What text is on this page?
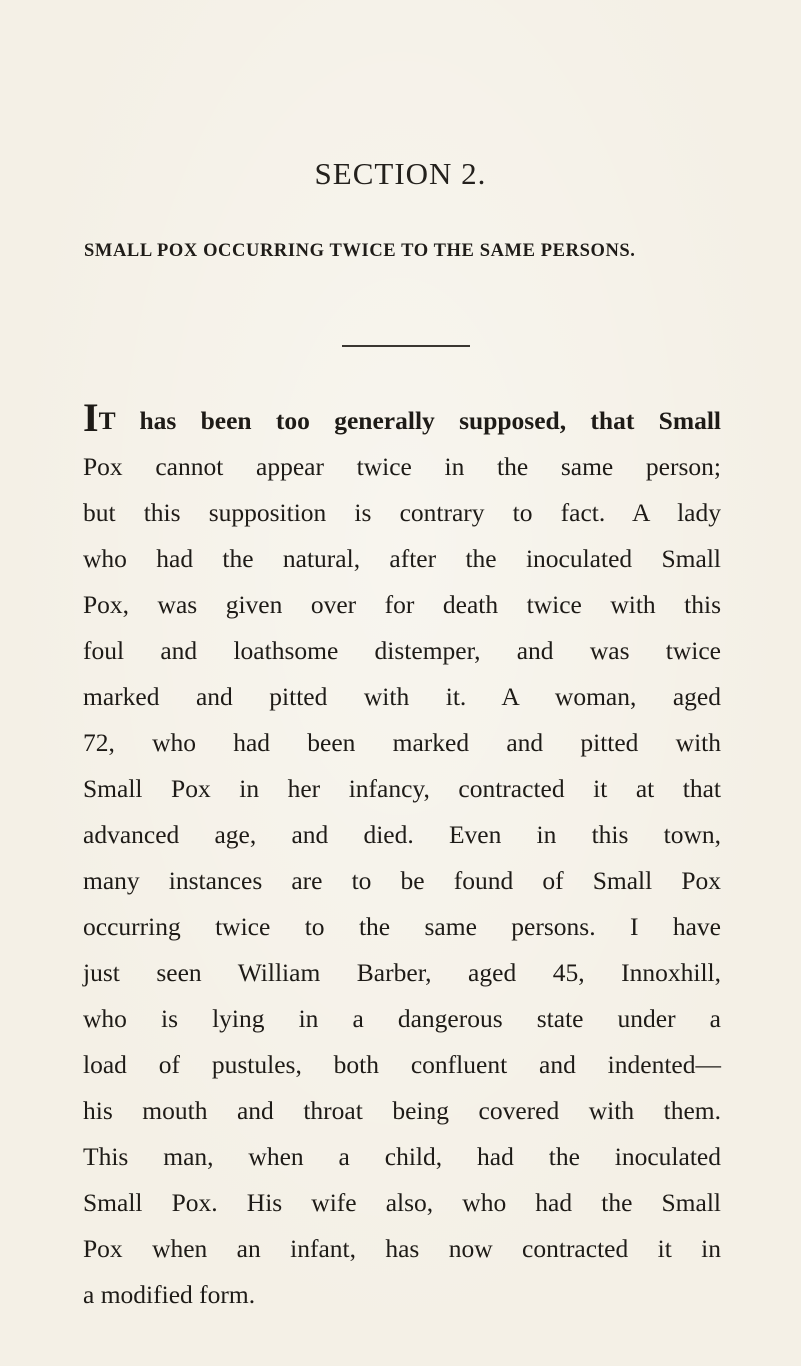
SECTION 2.
SMALL POX OCCURRING TWICE TO THE SAME PERSONS.
IT has been too generally supposed, that Small
Pox cannot appear twice in the same person;
but this supposition is contrary to fact. A lady
who had the natural, after the inoculated Small
Pox, was given over for death twice with this
foul and loathsome distemper, and was twice
marked and pitted with it. A woman, aged
72, who had been marked and pitted with
Small Pox in her infancy, contracted it at that
advanced age, and died. Even in this town,
many instances are to be found of Small Pox
occurring twice to the same persons. I have
just seen William Barber, aged 45, Innoxhill,
who is lying in a dangerous state under a
load of pustules, both confluent and indented—
his mouth and throat being covered with them.
This man, when a child, had the inoculated
Small Pox. His wife also, who had the Small
Pox when an infant, has now contracted it in
a modified form.
